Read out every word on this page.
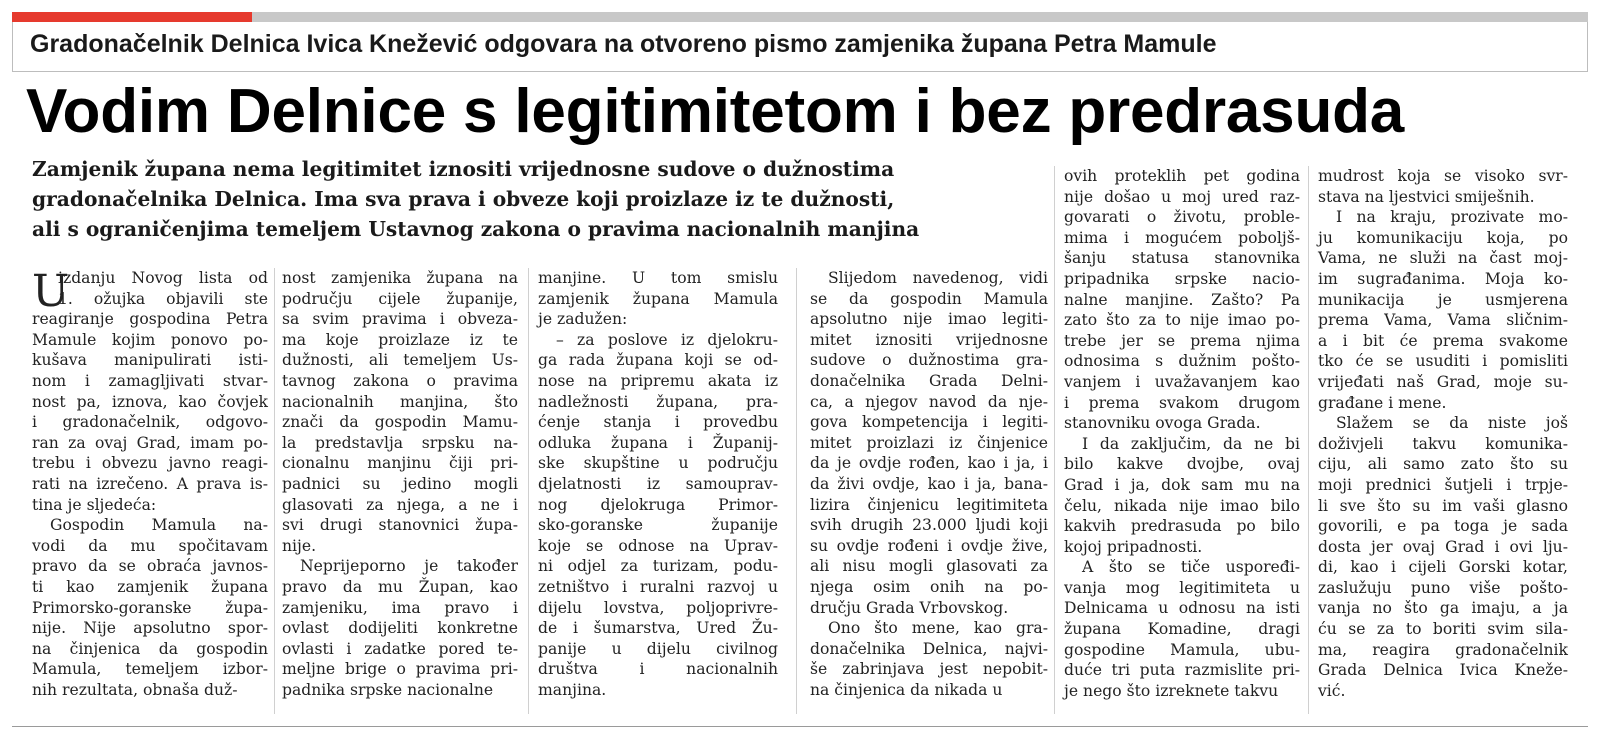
Gradonačelnik Delnica Ivica Knežević odgovara na otvoreno pismo zamjenika župana Petra Mamule
Vodim Delnice s legitimitetom i bez predrasuda
Zamjenik župana nema legitimitet iznositi vrijednosne sudove o dužnostima
gradonačelnika Delnica. Ima sva prava i obveze koji proizlaze iz te dužnosti,
ali s ograničenjima temeljem Ustavnog zakona o pravima nacionalnih manjina
U
izdanju Novog lista od
1. ožujka objavili ste
reagiranje gospodina Petra
Mamule kojim ponovo po-
kušava manipulirati isti-
nom i zamagljivati stvar-
nost pa, iznova, kao čovjek
i gradonačelnik, odgovo-
ran za ovaj Grad, imam po-
trebu i obvezu javno reagi-
rati na izrečeno. A prava is-
tina je sljedeća:
Gospodin Mamula na-
vodi da mu spočitavam
pravo da se obraća javnos-
ti kao zamjenik župana
Primorsko-goranske župa-
nije. Nije apsolutno spor-
na činjenica da gospodin
Mamula, temeljem izbor-
nih rezultata, obnaša duž-
nost zamjenika župana na
području cijele županije,
sa svim pravima i obveza-
ma koje proizlaze iz te
dužnosti, ali temeljem Us-
tavnog zakona o pravima
nacionalnih manjina, što
znači da gospodin Mamu-
la predstavlja srpsku na-
cionalnu manjinu čiji pri-
padnici su jedino mogli
glasovati za njega, a ne i
svi drugi stanovnici župa-
nije.
Neprijeporno je također
pravo da mu Župan, kao
zamjeniku, ima pravo i
ovlast dodijeliti konkretne
ovlasti i zadatke pored te-
meljne brige o pravima pri-
padnika srpske nacionalne
manjine. U tom smislu
zamjenik župana Mamula
je zadužen:
– za poslove iz djelokru-
ga rada župana koji se od-
nose na pripremu akata iz
nadležnosti župana, pra-
ćenje stanja i provedbu
odluka župana i Županij-
ske skupštine u području
djelatnosti iz samouprav-
nog djelokruga Primor-
sko-goranske županije
koje se odnose na Uprav-
ni odjel za turizam, podu-
zetništvo i ruralni razvoj u
dijelu lovstva, poljoprivre-
de i šumarstva, Ured Žu-
panije u dijelu civilnog
društva i nacionalnih
manjina.
Slijedom navedenog, vidi
se da gospodin Mamula
apsolutno nije imao legiti-
mitet iznositi vrijednosne
sudove o dužnostima gra-
donačelnika Grada Delni-
ca, a njegov navod da nje-
gova kompetencija i legiti-
mitet proizlazi iz činjenice
da je ovdje rođen, kao i ja, i
da živi ovdje, kao i ja, bana-
lizira činjenicu legitimiteta
svih drugih 23.000 ljudi koji
su ovdje rođeni i ovdje žive,
ali nisu mogli glasovati za
njega osim onih na po-
dručju Grada Vrbovskog.
Ono što mene, kao gra-
donačelnika Delnica, najvi-
še zabrinjava jest nepobit-
na činjenica da nikada u
ovih proteklih pet godina
nije došao u moj ured raz-
govarati o životu, proble-
mima i mogućem poboljš-
šanju statusa stanovnika
pripadnika srpske nacio-
nalne manjine. Zašto? Pa
zato što za to nije imao po-
trebe jer se prema njima
odnosima s dužnim pošto-
vanjem i uvažavanjem kao
i prema svakom drugom
stanovniku ovoga Grada.
I da zaključim, da ne bi
bilo kakve dvojbe, ovaj
Grad i ja, dok sam mu na
čelu, nikada nije imao bilo
kakvih predrasuda po bilo
kojoj pripadnosti.
A što se tiče uspoređi-
vanja mog legitimiteta u
Delnicama u odnosu na isti
župana Komadine, dragi
gospodine Mamula, ubu-
duće tri puta razmislite pri-
je nego što izreknete takvu
mudrost koja se visoko svr-
stava na ljestvici smiješnih.
I na kraju, prozivate mo-
ju komunikaciju koja, po
Vama, ne služi na čast moj-
im sugrađanima. Moja ko-
munikacija je usmjerena
prema Vama, Vama sličnim-
a i bit će prema svakome
tko će se usuditi i pomisliti
vrijeđati naš Grad, moje su-
građane i mene.
Slažem se da niste još
doživjeli takvu komunika-
ciju, ali samo zato što su
moji prednici šutjeli i trpje-
li sve što su im vaši glasno
govorili, e pa toga je sada
dosta jer ovaj Grad i ovi lju-
di, kao i cijeli Gorski kotar,
zaslužuju puno više pošto-
vanja no što ga imaju, a ja
ću se za to boriti svim sila-
ma, reagira gradonačelnik
Grada Delnica Ivica Kneže-
vić.
